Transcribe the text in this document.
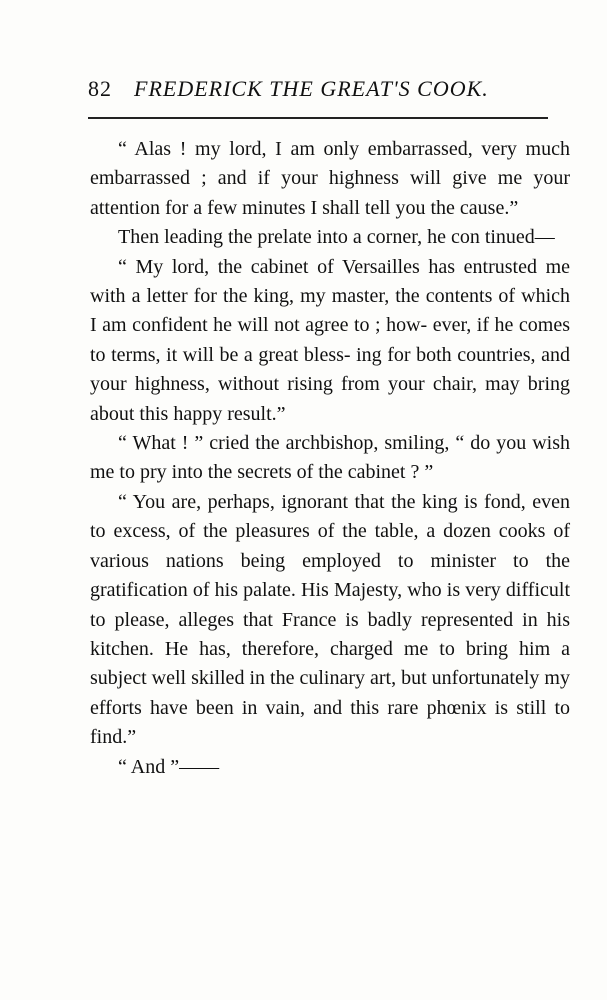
82 FREDERICK THE GREAT'S COOK.

“ Alas ! my lord, I am only embarrassed, very much embarrassed ; and if your highness will give me your attention for a few minutes I shall tell you the cause.”

Then leading the prelate into a corner, he con tinued—

“ My lord, the cabinet of Versailles has entrusted me with a letter for the king, my master, the contents of which I am confident he will not agree to ; how- ever, if he comes to terms, it will be a great bless- ing for both countries, and your highness, without rising from your chair, may bring about this happy result.”

“ What ! ” cried the archbishop, smiling, “ do you wish me to pry into the secrets of the cabinet ? ”

“ You are, perhaps, ignorant that the king is fond, even to excess, of the pleasures of the table, a dozen cooks of various nations being employed to minister to the gratification of his palate. His Majesty, who is very difficult to please, alleges that France is badly represented in his kitchen. He has, therefore, charged me to bring him a subject well skilled in the culinary art, but unfortunately my efforts have been in vain, and this rare phœnix is still to find.”

“ And ”——
